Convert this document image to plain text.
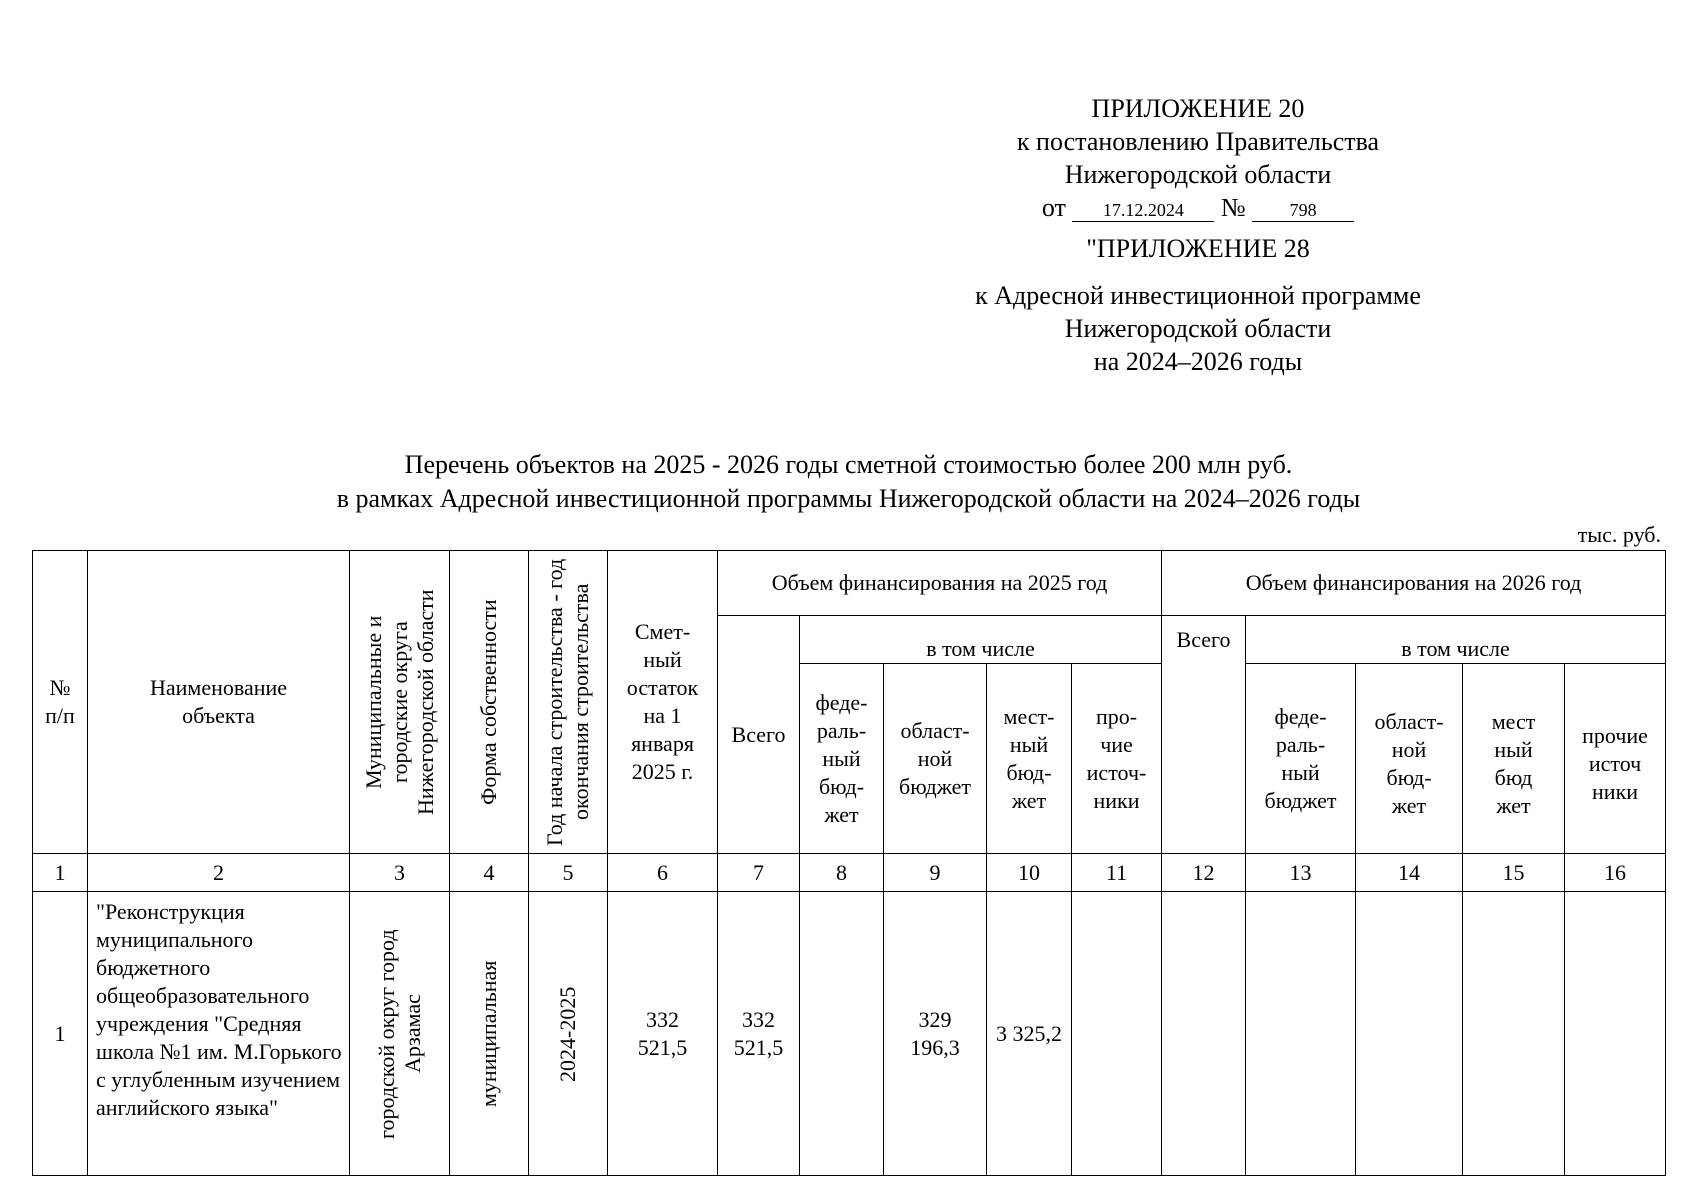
ПРИЛОЖЕНИЕ 20
к постановлению Правительства
Нижегородской области
от 17.12.2024 № 798
"ПРИЛОЖЕНИЕ 28
к Адресной инвестиционной программе
Нижегородской области
на 2024–2026 годы
Перечень объектов на 2025 - 2026 годы сметной стоимостью более 200 млн руб.
в рамках Адресной инвестиционной программы Нижегородской области на 2024–2026 годы
тыс. руб.
№ п/п	Наименование объекта	Муниципальные и городские округа Нижегородской области	Форма собственности	Год начала строительства - год окончания строительства	Смет-ный остаток на 1 января 2025 г.	Объем финансирования на 2025 год					Объем финансирования на 2026 год				
						Всего	в том числе				Всего	в том числе			
							феде-раль-ный бюд-жет	област-ной бюджет	мест-ный бюд-жет	про-чие источ-ники		феде-раль-ный бюджет	област-ной бюд-жет	мест ный бюд жет	прочие источ ники
1	2	3	4	5	6	7	8	9	10	11	12	13	14	15	16
1	"Реконструкция муниципального бюджетного общеобразовательного учреждения "Средняя школа №1 им. М.Горького с углубленным изучением английского языка"	городской округ город Арзамас	муниципальная	2024-2025	332 521,5	332 521,5		329 196,3	3 325,2						
